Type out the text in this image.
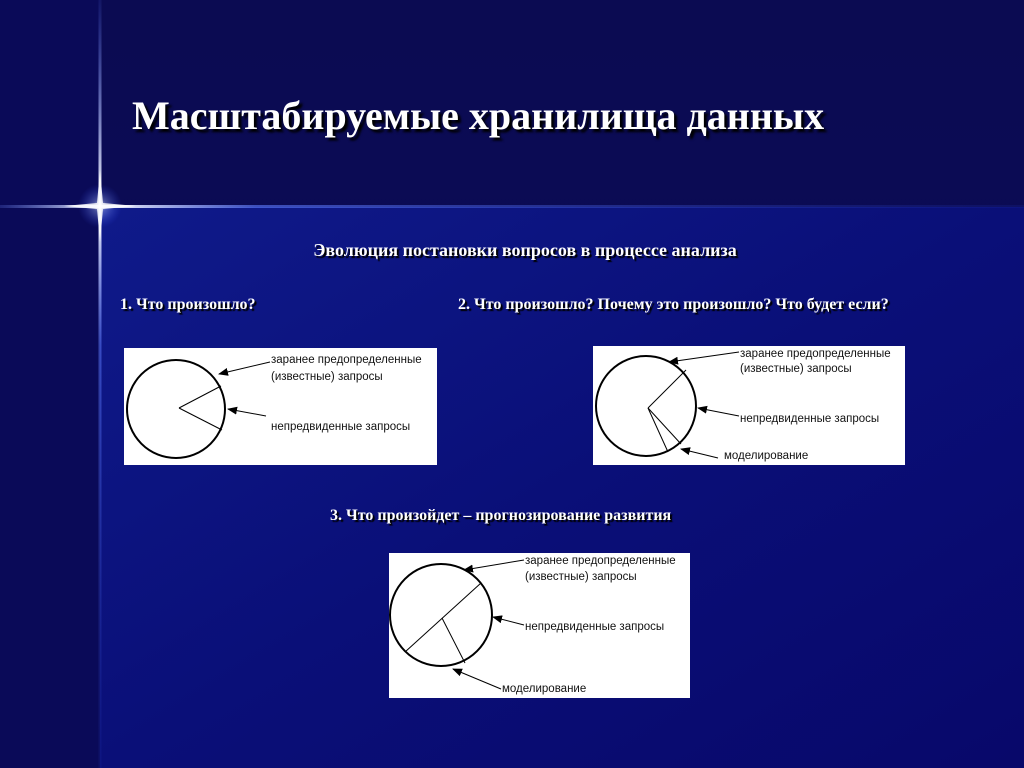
Масштабируемые хранилища данных
Эволюция постановки вопросов в процессе анализа
1. Что произошло?	2. Что произошло? Почему это произошло? Что будет если?
3. Что произойдет – прогнозирование развития
заранее предопределенные
(известные) запросы
непредвиденные запросы
заранее предопределенные
(известные) запросы
непредвиденные запросы
моделирование
заранее предопределенные
(известные) запросы
непредвиденные запросы
моделирование
